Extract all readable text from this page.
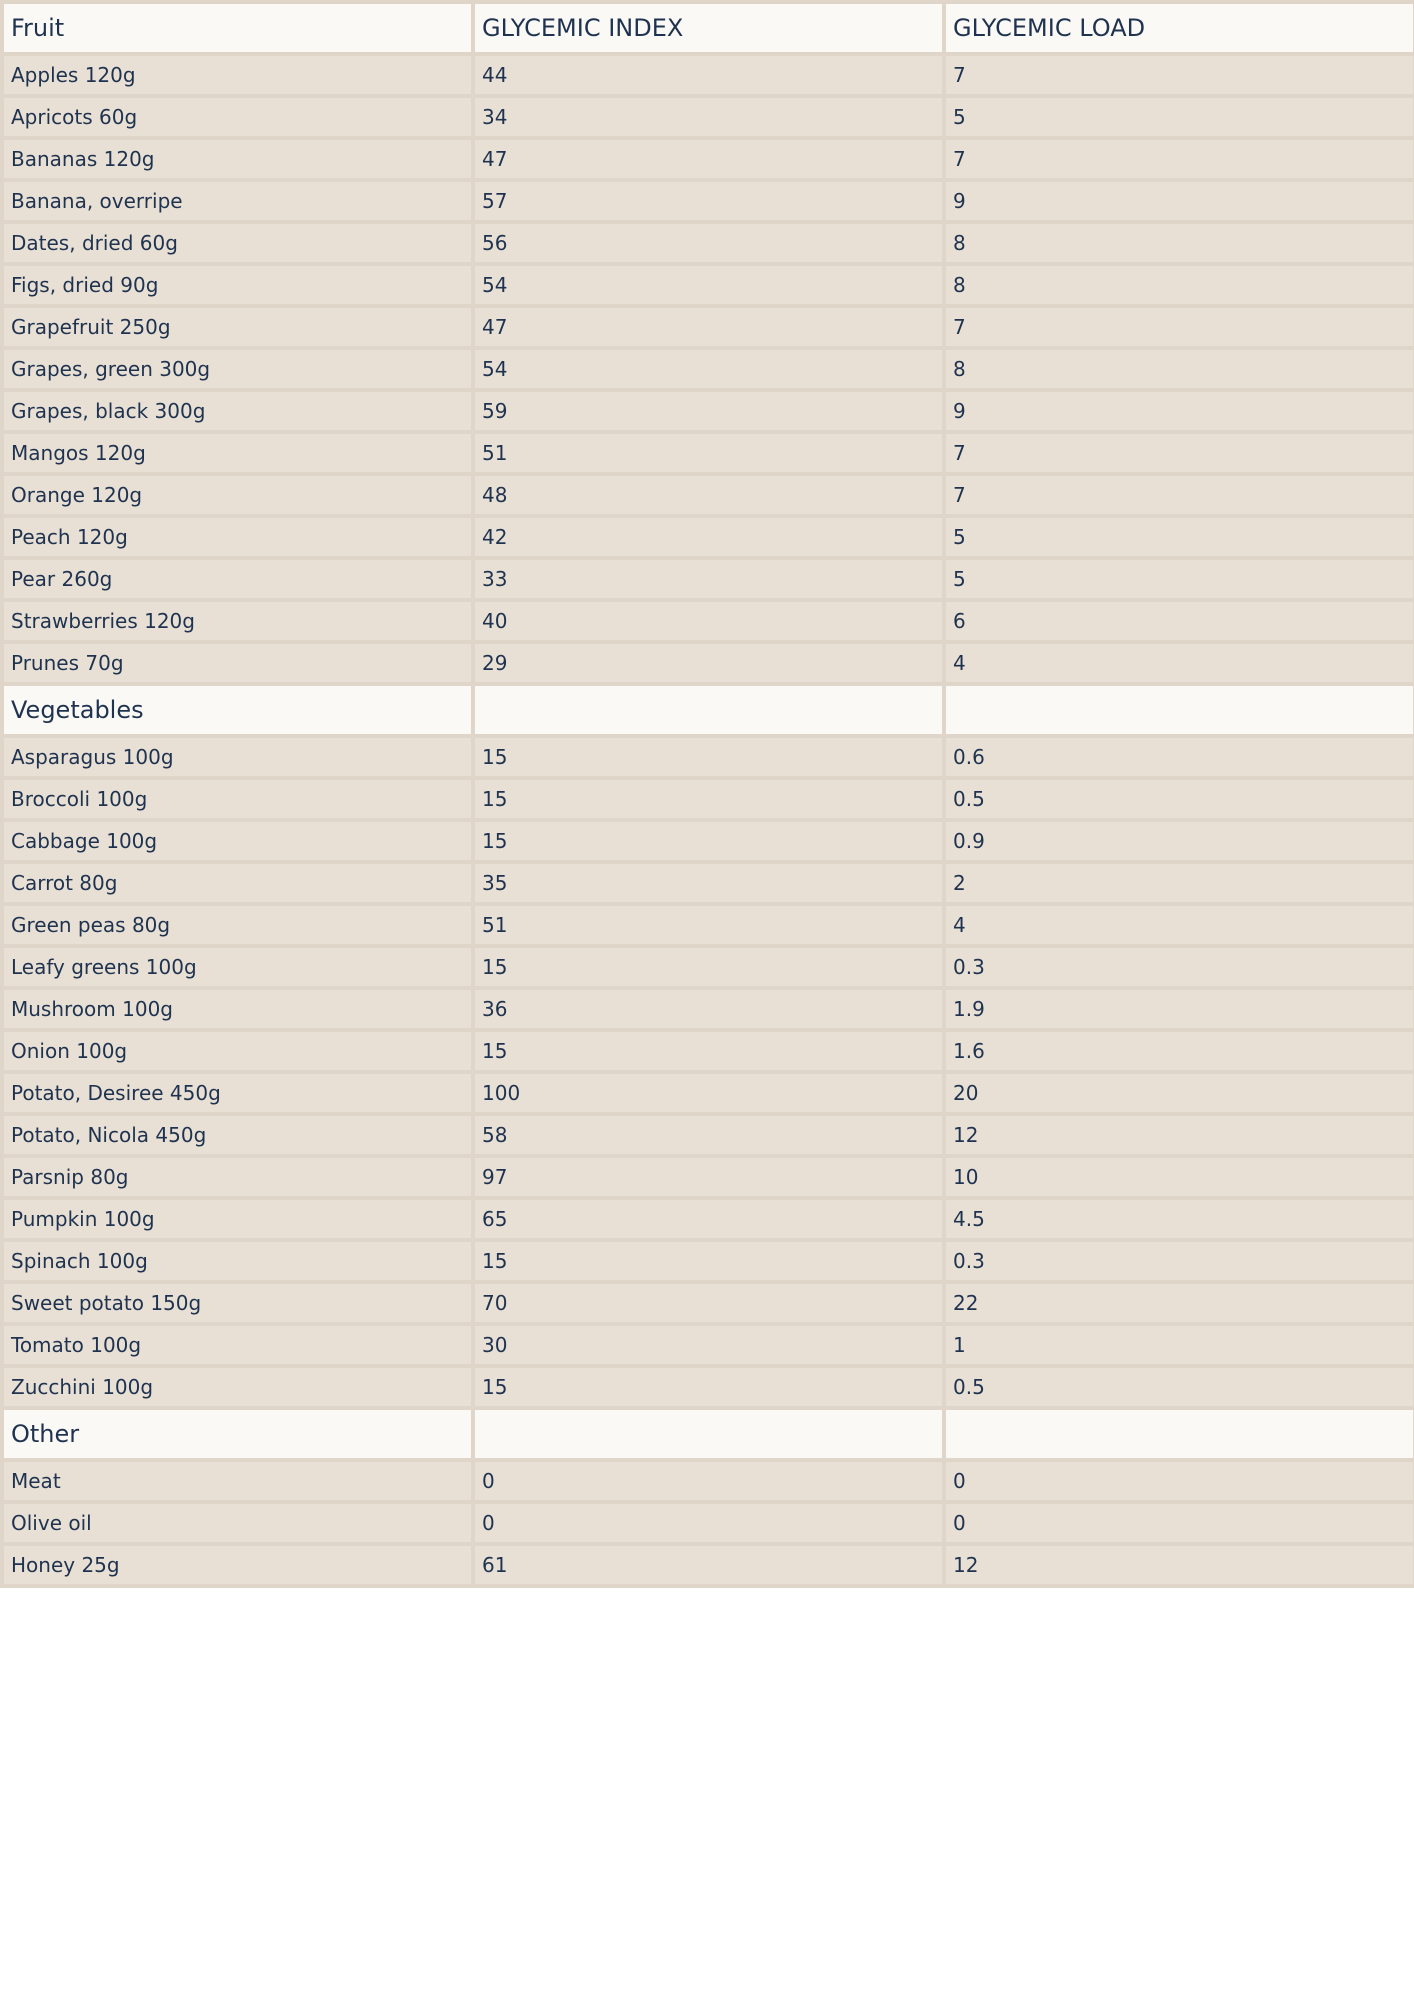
Fruit	GLYCEMIC INDEX	GLYCEMIC LOAD
Apples 120g	44	7
Apricots 60g	34	5
Bananas 120g	47	7
Banana, overripe	57	9
Dates, dried 60g	56	8
Figs, dried 90g	54	8
Grapefruit 250g	47	7
Grapes, green 300g	54	8
Grapes, black 300g	59	9
Mangos 120g	51	7
Orange 120g	48	7
Peach 120g	42	5
Pear 260g	33	5
Strawberries 120g	40	6
Prunes 70g	29	4
Vegetables		
Asparagus 100g	15	0.6
Broccoli 100g	15	0.5
Cabbage 100g	15	0.9
Carrot 80g	35	2
Green peas 80g	51	4
Leafy greens 100g	15	0.3
Mushroom 100g	36	1.9
Onion 100g	15	1.6
Potato, Desiree 450g	100	20
Potato, Nicola 450g	58	12
Parsnip 80g	97	10
Pumpkin 100g	65	4.5
Spinach 100g	15	0.3
Sweet potato 150g	70	22
Tomato 100g	30	1
Zucchini 100g	15	0.5
Other		
Meat	0	0
Olive oil	0	0
Honey 25g	61	12
